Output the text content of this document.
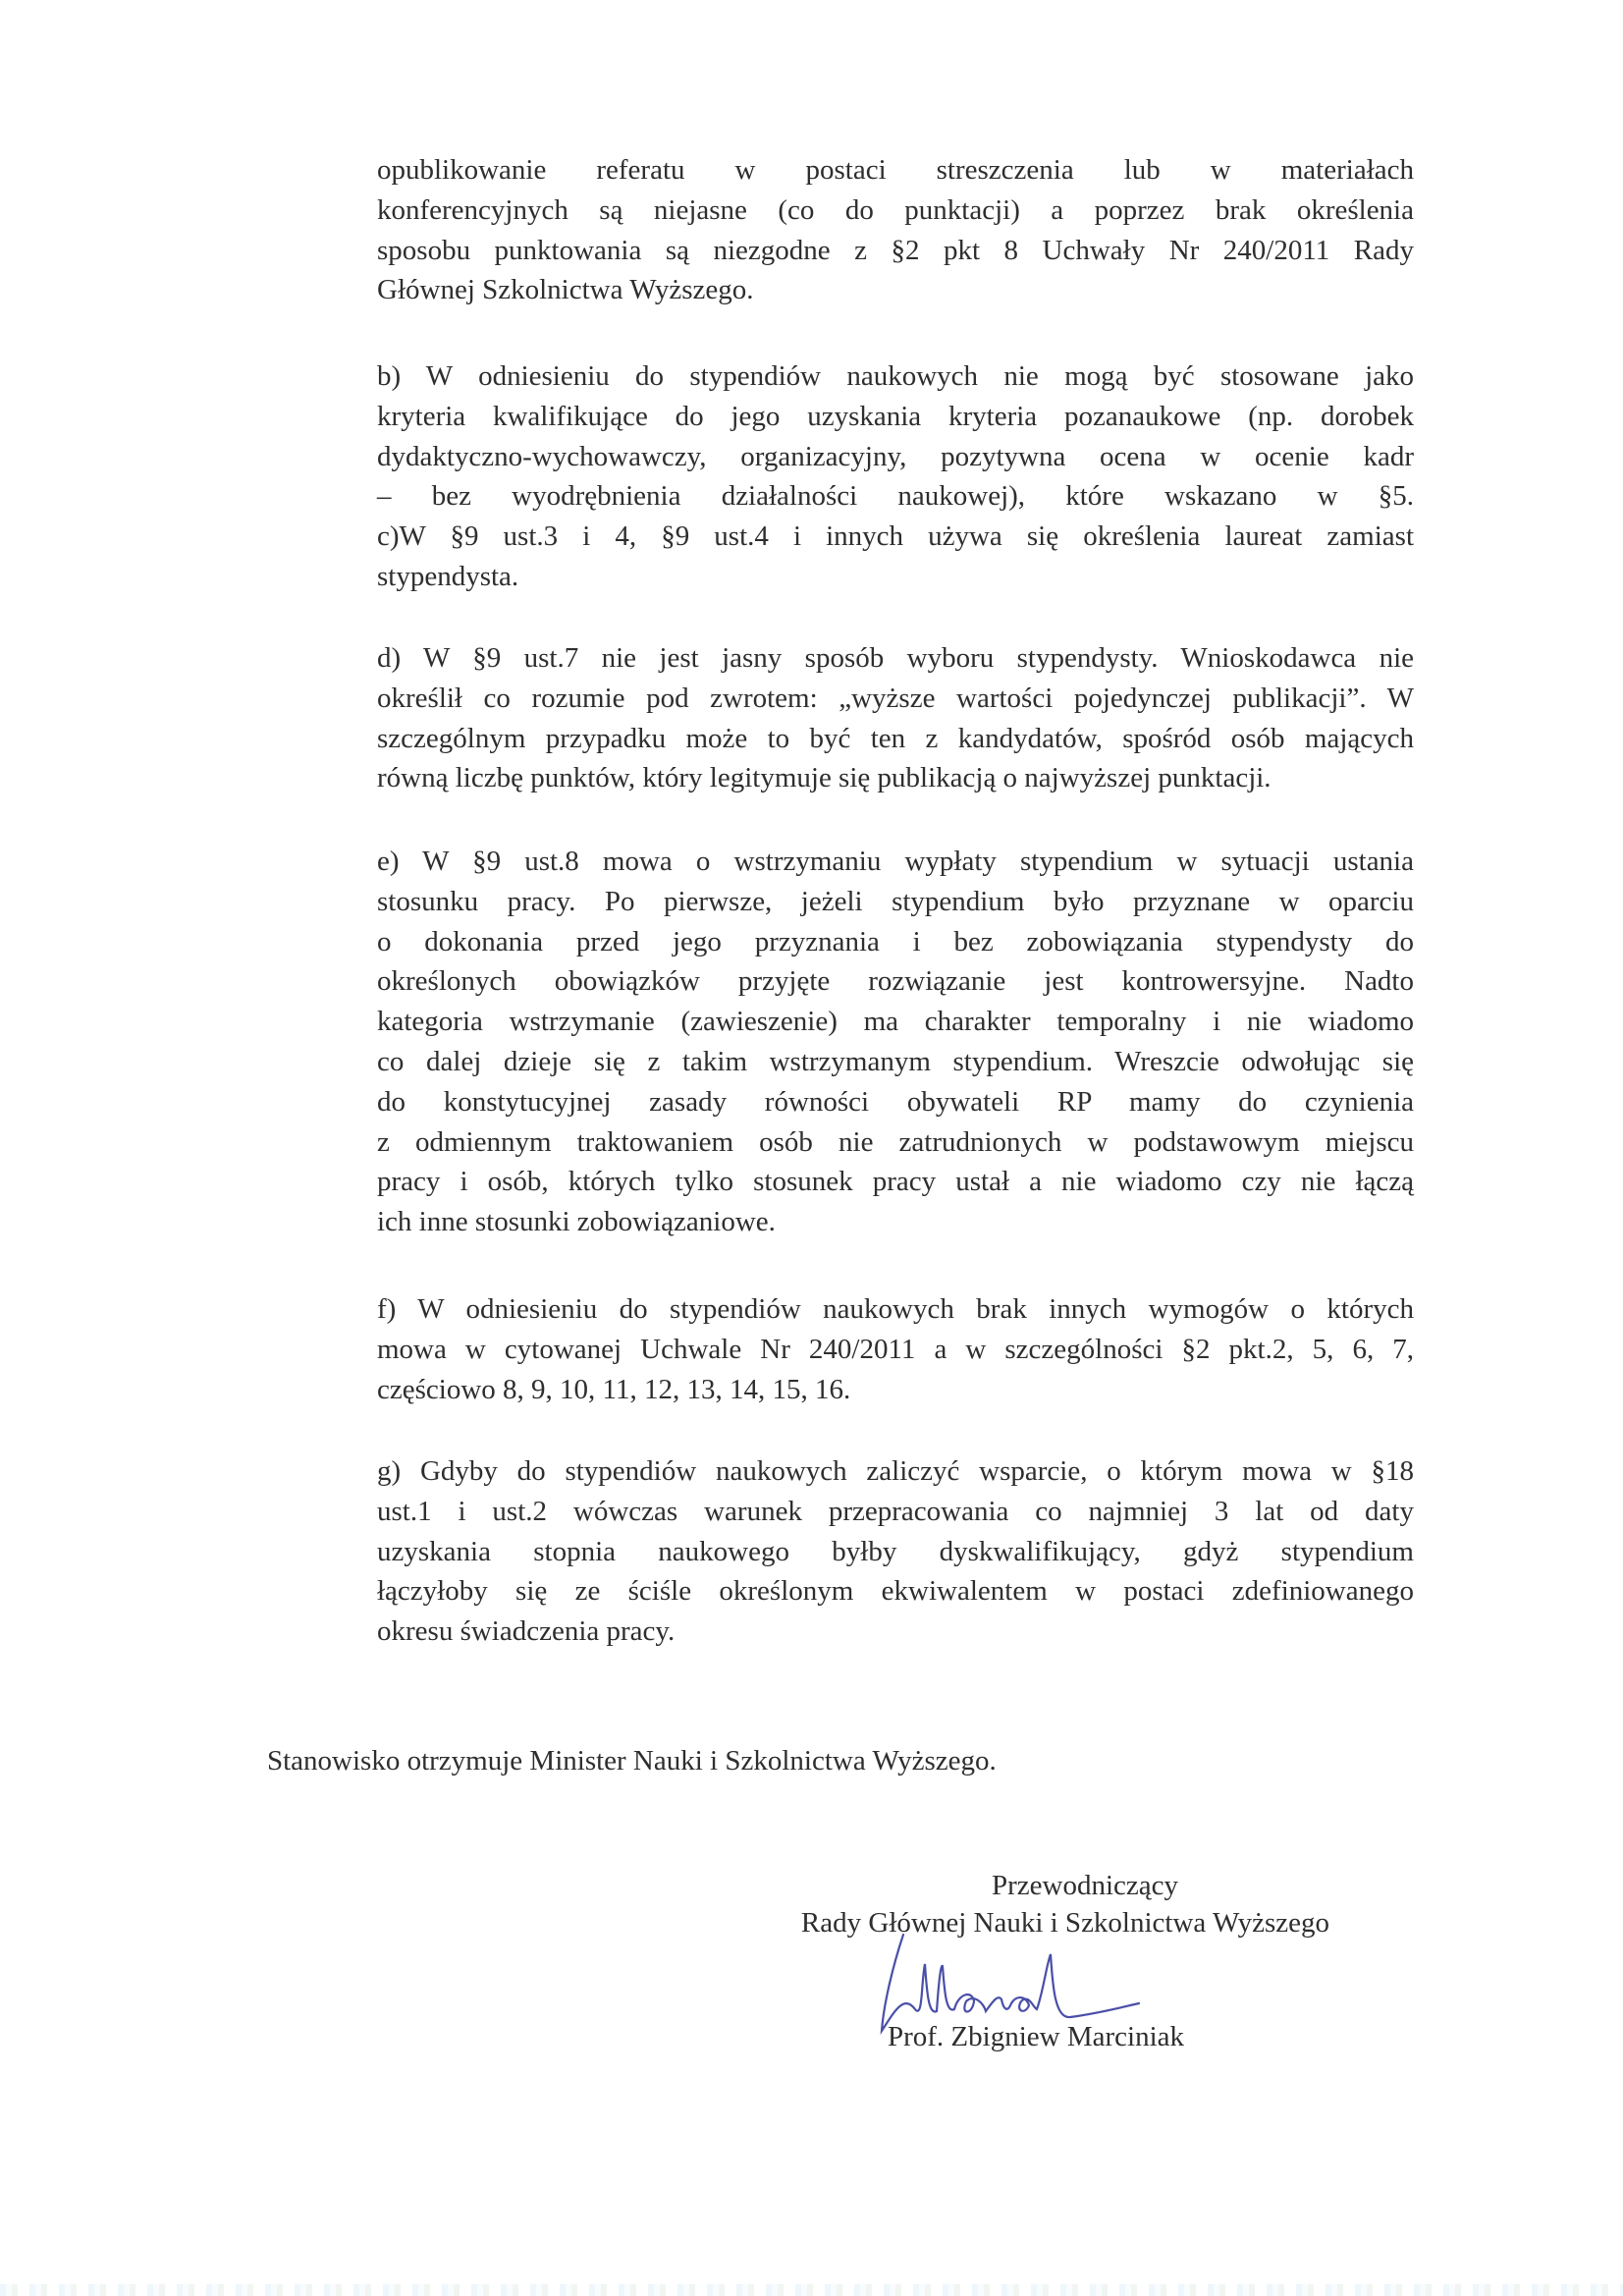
opublikowanie referatu w postaci streszczenia lub w materiałach
konferencyjnych są niejasne (co do punktacji) a poprzez brak określenia
sposobu punktowania są niezgodne z §2 pkt 8 Uchwały Nr 240/2011 Rady
Głównej Szkolnictwa Wyższego.
b) W odniesieniu do stypendiów naukowych nie mogą być stosowane jako
kryteria kwalifikujące do jego uzyskania kryteria pozanaukowe (np. dorobek
dydaktyczno-wychowawczy, organizacyjny, pozytywna ocena w ocenie kadr
– bez wyodrębnienia działalności naukowej), które wskazano w §5.
c)W §9 ust.3 i 4, §9 ust.4 i innych używa się określenia laureat zamiast
stypendysta.
d) W §9 ust.7 nie jest jasny sposób wyboru stypendysty. Wnioskodawca nie
określił co rozumie pod zwrotem: „wyższe wartości pojedynczej publikacji”. W
szczególnym przypadku może to być ten z kandydatów, spośród osób mających
równą liczbę punktów, który legitymuje się publikacją o najwyższej punktacji.
e) W §9 ust.8 mowa o wstrzymaniu wypłaty stypendium w sytuacji ustania
stosunku pracy. Po pierwsze, jeżeli stypendium było przyznane w oparciu
o dokonania przed jego przyznania i bez zobowiązania stypendysty do
określonych obowiązków przyjęte rozwiązanie jest kontrowersyjne. Nadto
kategoria wstrzymanie (zawieszenie) ma charakter temporalny i nie wiadomo
co dalej dzieje się z takim wstrzymanym stypendium. Wreszcie odwołując się
do konstytucyjnej zasady równości obywateli RP mamy do czynienia
z odmiennym traktowaniem osób nie zatrudnionych w podstawowym miejscu
pracy i osób, których tylko stosunek pracy ustał a nie wiadomo czy nie łączą
ich inne stosunki zobowiązaniowe.
f) W odniesieniu do stypendiów naukowych brak innych wymogów o których
mowa w cytowanej Uchwale Nr 240/2011 a w szczególności §2 pkt.2, 5, 6, 7,
częściowo 8, 9, 10, 11, 12, 13, 14, 15, 16.
g) Gdyby do stypendiów naukowych zaliczyć wsparcie, o którym mowa w §18
ust.1 i ust.2 wówczas warunek przepracowania co najmniej 3 lat od daty
uzyskania stopnia naukowego byłby dyskwalifikujący, gdyż stypendium
łączyłoby się ze ściśle określonym ekwiwalentem w postaci zdefiniowanego
okresu świadczenia pracy.
Stanowisko otrzymuje Minister Nauki i Szkolnictwa Wyższego.
Przewodniczący
Rady Głównej Nauki i Szkolnictwa Wyższego
Prof. Zbigniew Marciniak
